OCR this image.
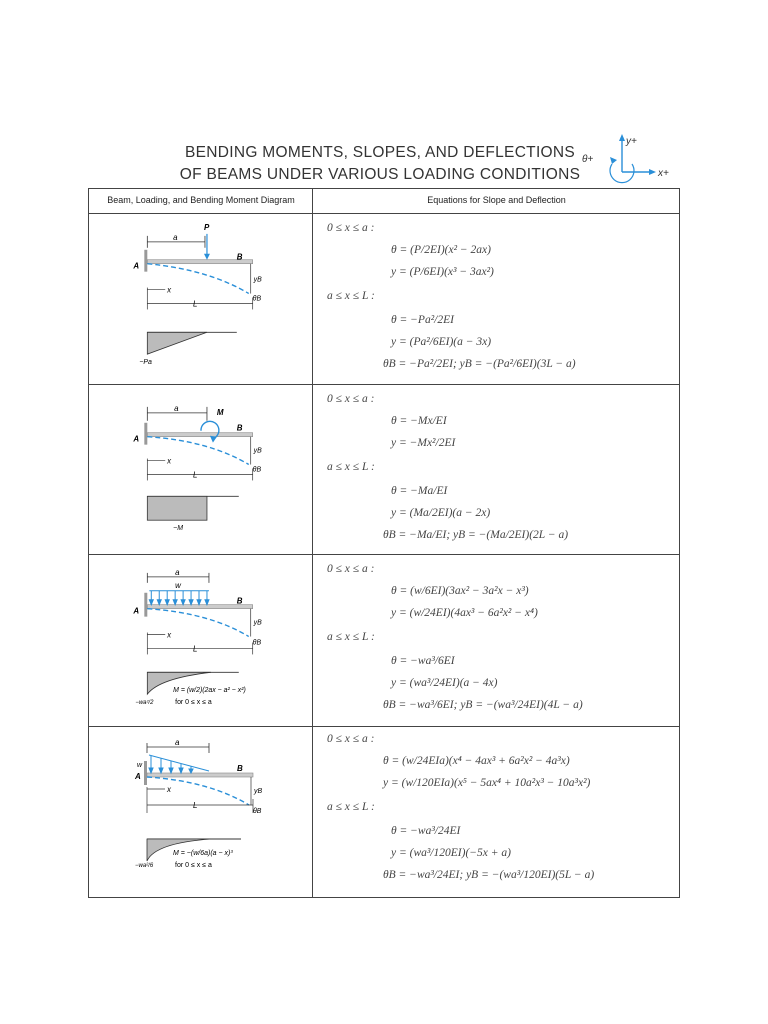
BENDING MOMENTS, SLOPES, AND DEFLECTIONS
OF BEAMS UNDER VARIOUS LOADING CONDITIONS
y+
x+
θ+
Beam, Loading, and Bending Moment Diagram	Equations for Slope and Deflection
a
P
A
B
yB
θB
x
L
−Pa
0 ≤ x ≤ a :
θ = (P/2EI)(x² − 2ax)
y = (P/6EI)(x³ − 3ax²)
a ≤ x ≤ L :
θ = −Pa²/2EI
y = (Pa²/6EI)(a − 3x)
θB = −Pa²/2EI; yB = −(Pa²/6EI)(3L − a)
a	M
A
B
yB
θB
x
L
−M
0 ≤ x ≤ a :
θ = −Mx/EI
y = −Mx²/2EI
a ≤ x ≤ L :
θ = −Ma/EI
y = (Ma/2EI)(a − 2x)
θB = −Ma/EI; yB = −(Ma/2EI)(2L − a)
a
w
A
B
yB
θB
x
L
M = (w/2)(2ax − a² − x²)
for 0 ≤ x ≤ a
−wa²/2
0 ≤ x ≤ a :
θ = (w/6EI)(3ax² − 3a²x − x³)
y = (w/24EI)(4ax³ − 6a²x² − x⁴)
a ≤ x ≤ L :
θ = −wa³/6EI
y = (wa³/24EI)(a − 4x)
θB = −wa³/6EI; yB = −(wa³/24EI)(4L − a)
a
w
A
B
yB
θB
x
L
M = −(w/6a)(a − x)³
for 0 ≤ x ≤ a
−wa²/6
0 ≤ x ≤ a :
θ = (w/24EIa)(x⁴ − 4ax³ + 6a²x² − 4a³x)
y = (w/120EIa)(x⁵ − 5ax⁴ + 10a²x³ − 10a³x²)
a ≤ x ≤ L :
θ = −wa³/24EI
y = (wa³/120EI)(−5x + a)
θB = −wa³/24EI; yB = −(wa³/120EI)(5L − a)
